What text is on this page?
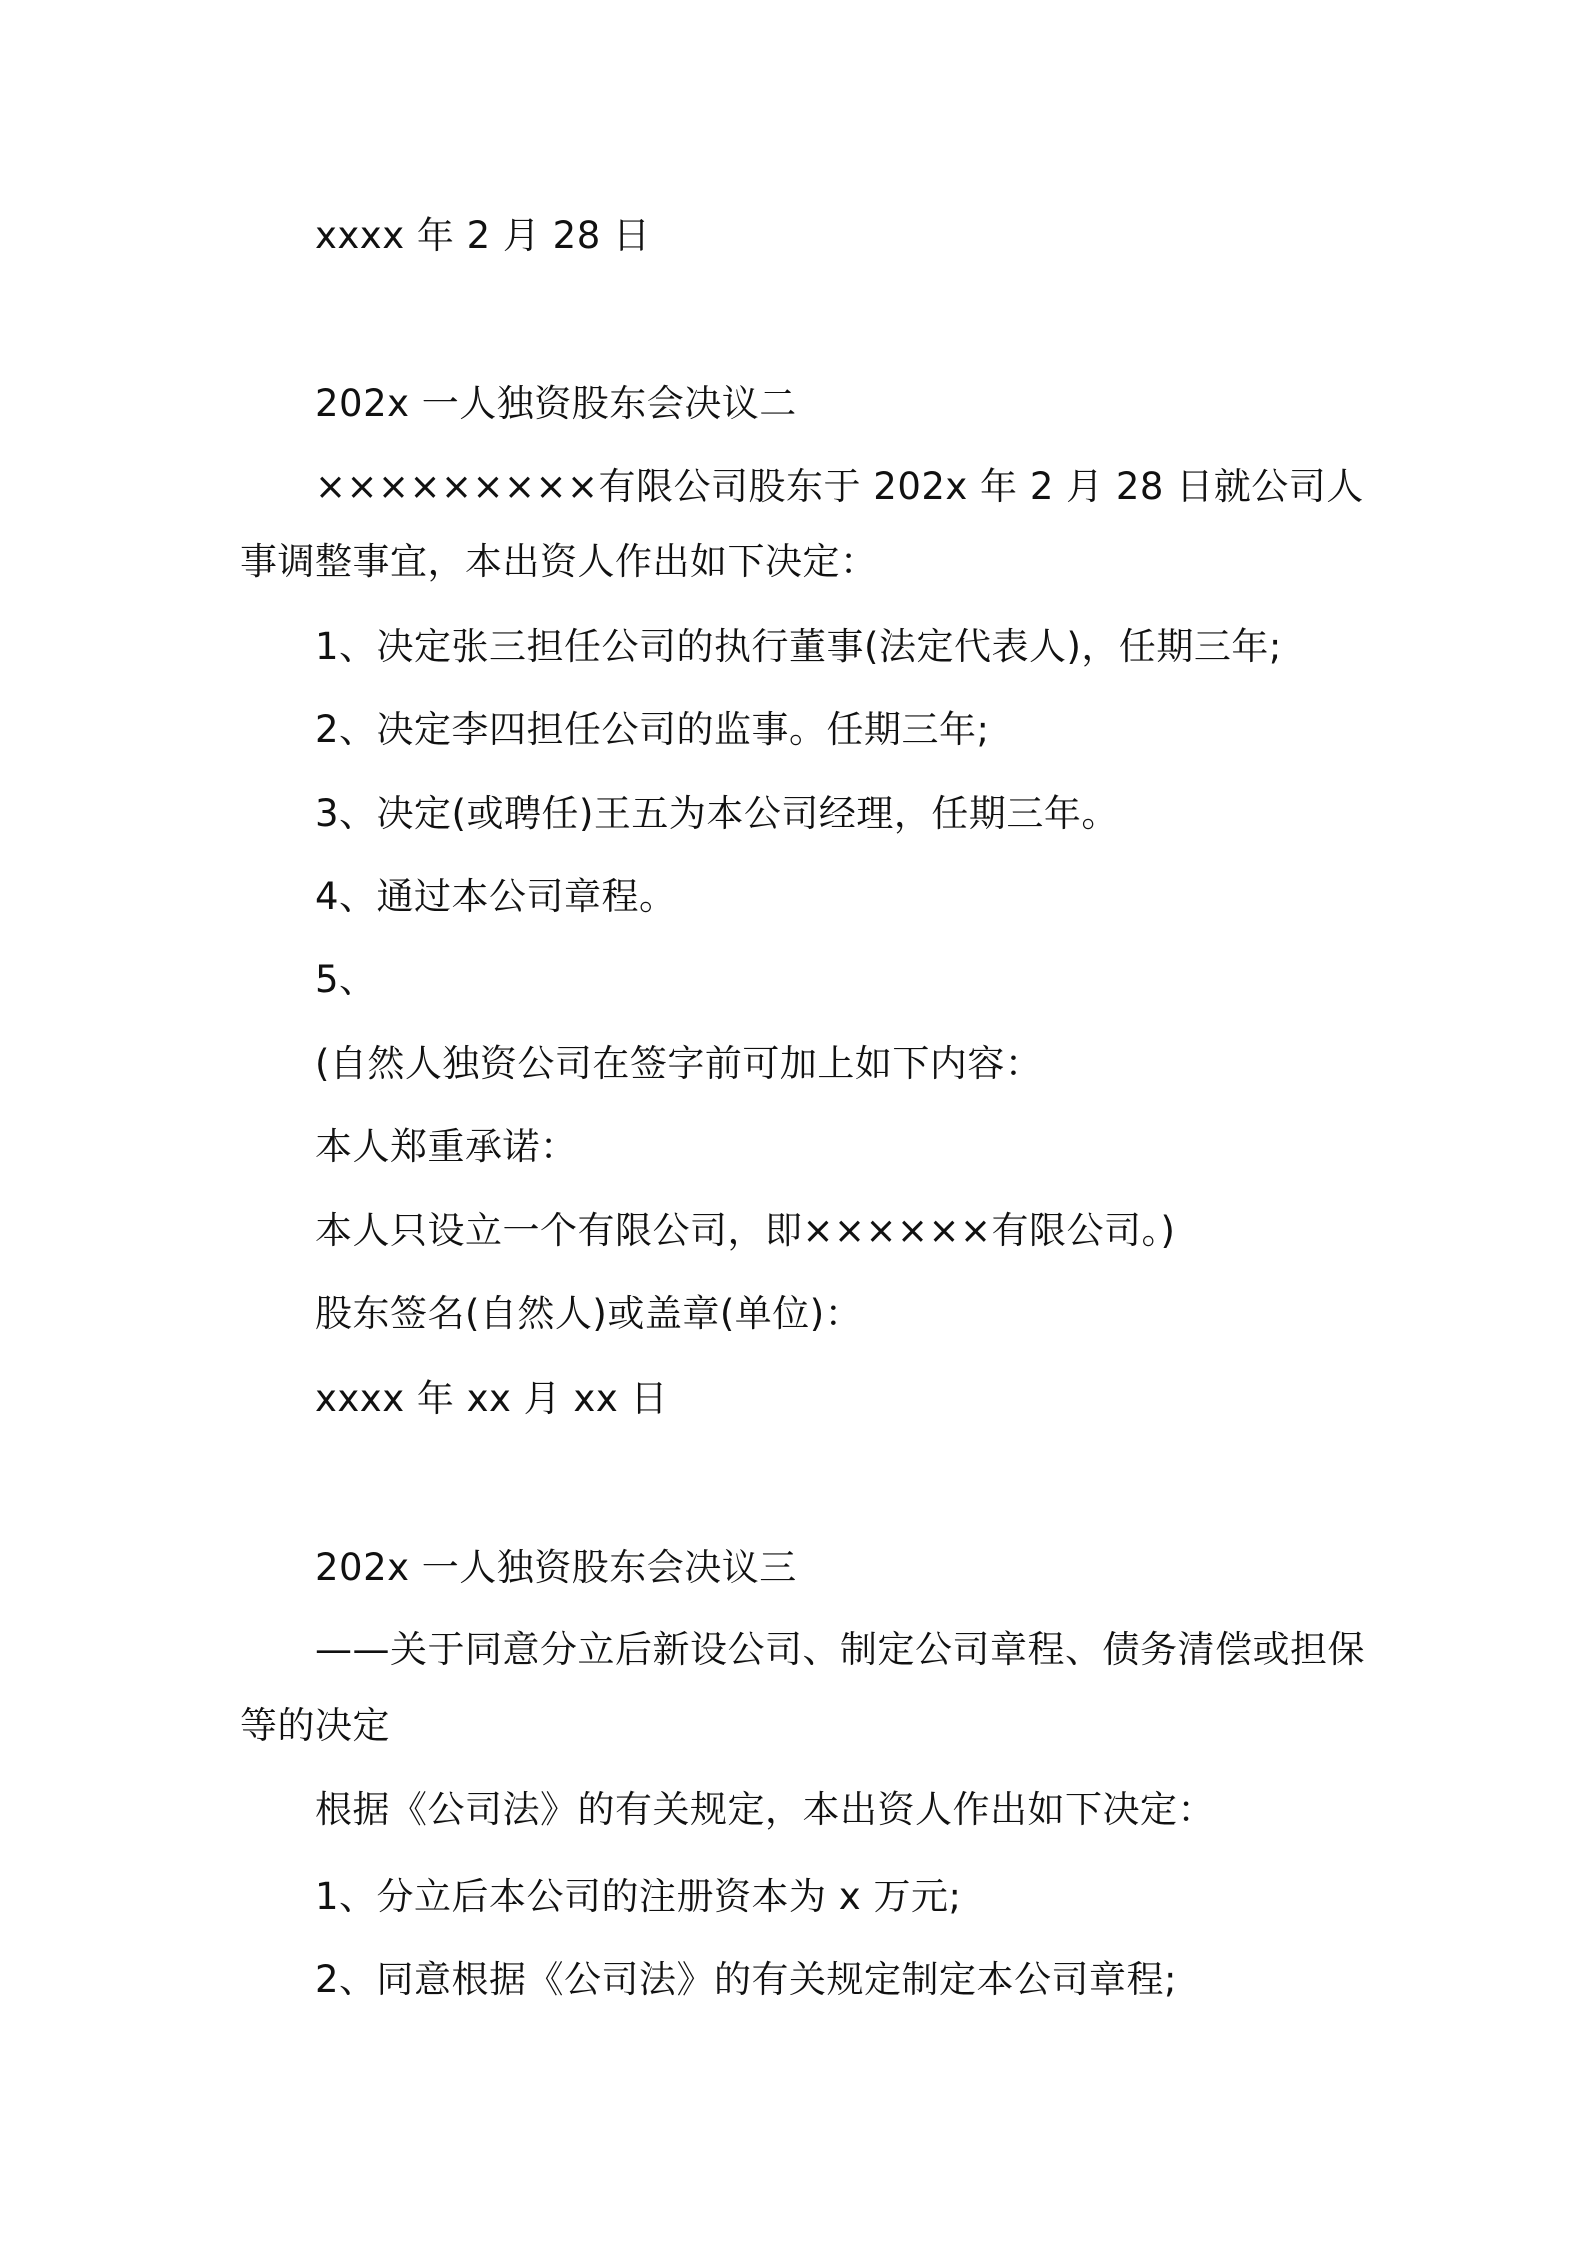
xxxx 年 2 月 28 日
202x 一人独资股东会决议二
×××××××××有限公司股东于 202x 年 2 月 28 日就公司人
事调整事宜，本出资人作出如下决定：
1、决定张三担任公司的执行董事(法定代表人)，任期三年;
2、决定李四担任公司的监事。任期三年;
3、决定(或聘任)王五为本公司经理，任期三年。
4、通过本公司章程。
5、
(自然人独资公司在签字前可加上如下内容：
本人郑重承诺：
本人只设立一个有限公司，即××××××有限公司。)
股东签名(自然人)或盖章(单位)：
xxxx 年 xx 月 xx 日
202x 一人独资股东会决议三
——关于同意分立后新设公司、制定公司章程、债务清偿或担保
等的决定
根据《公司法》的有关规定，本出资人作出如下决定：
1、分立后本公司的注册资本为 x 万元;
2、同意根据《公司法》的有关规定制定本公司章程;
